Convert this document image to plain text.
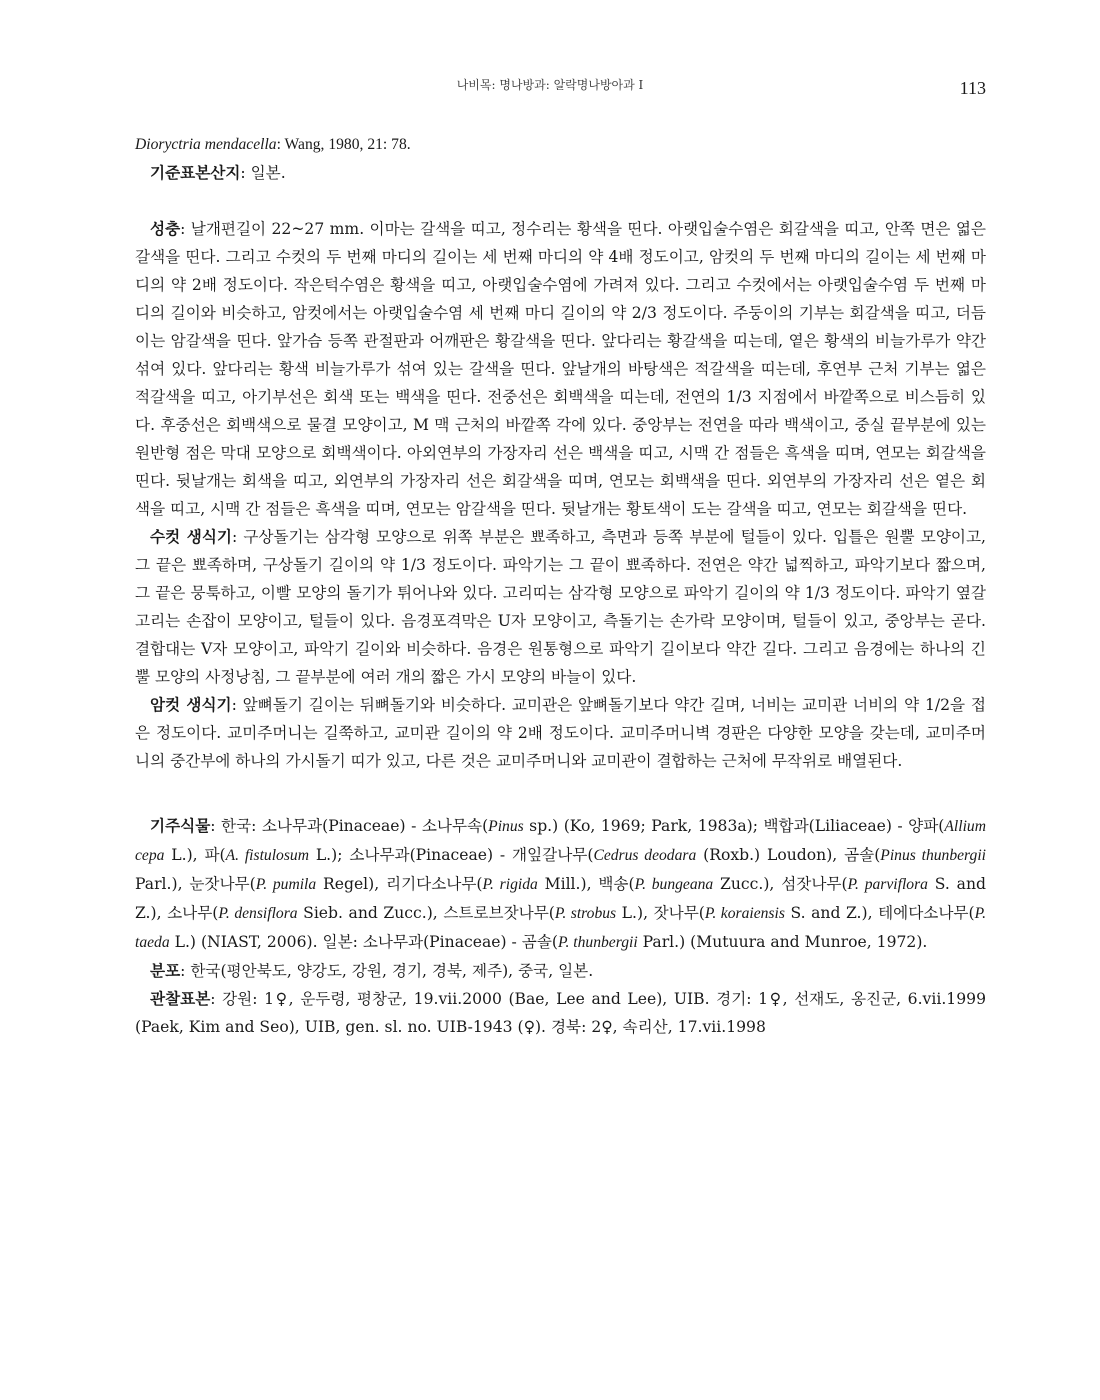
나비목: 명나방과: 알락명나방아과 I	113

Dioryctria mendacella: Wang, 1980, 21: 78.

기준표본산지: 일본.

성충: 날개편길이 22~27 mm. 이마는 갈색을 띠고, 정수리는 황색을 띤다. 아랫입술수염은 회갈색을 띠고, 안쪽 면은 엷은 갈색을 띤다. 그리고 수컷의 두 번째 마디의 길이는 세 번째 마디의 약 4배 정도이고, 암컷의 두 번째 마디의 길이는 세 번째 마디의 약 2배 정도이다. 작은턱수염은 황색을 띠고, 아랫입술수염에 가려져 있다. 그리고 수컷에서는 아랫입술수염 두 번째 마디의 길이와 비슷하고, 암컷에서는 아랫입술수염 세 번째 마디 길이의 약 2/3 정도이다. 주둥이의 기부는 회갈색을 띠고, 더듬이는 암갈색을 띤다. 앞가슴 등쪽 관절판과 어깨판은 황갈색을 띤다. 앞다리는 황갈색을 띠는데, 옅은 황색의 비늘가루가 약간 섞여 있다. 앞다리는 황색 비늘가루가 섞여 있는 갈색을 띤다. 앞날개의 바탕색은 적갈색을 띠는데, 후연부 근처 기부는 엷은 적갈색을 띠고, 아기부선은 회색 또는 백색을 띤다. 전중선은 회백색을 띠는데, 전연의 1/3 지점에서 바깥쪽으로 비스듬히 있다. 후중선은 회백색으로 물결 모양이고, M 맥 근처의 바깥쪽 각에 있다. 중앙부는 전연을 따라 백색이고, 중실 끝부분에 있는 원반형 점은 막대 모양으로 회백색이다. 아외연부의 가장자리 선은 백색을 띠고, 시맥 간 점들은 흑색을 띠며, 연모는 회갈색을 띤다. 뒷날개는 회색을 띠고, 외연부의 가장자리 선은 회갈색을 띠며, 연모는 회백색을 띤다. 외연부의 가장자리 선은 옅은 회색을 띠고, 시맥 간 점들은 흑색을 띠며, 연모는 암갈색을 띤다. 뒷날개는 황토색이 도는 갈색을 띠고, 연모는 회갈색을 띤다.

수컷 생식기: 구상돌기는 삼각형 모양으로 위쪽 부분은 뾰족하고, 측면과 등쪽 부분에 털들이 있다. 입틀은 원뿔 모양이고, 그 끝은 뾰족하며, 구상돌기 길이의 약 1/3 정도이다. 파악기는 그 끝이 뾰족하다. 전연은 약간 넓찍하고, 파악기보다 짧으며, 그 끝은 뭉툭하고, 이빨 모양의 돌기가 튀어나와 있다. 고리띠는 삼각형 모양으로 파악기 길이의 약 1/3 정도이다. 파악기 옆갈고리는 손잡이 모양이고, 털들이 있다. 음경포격막은 U자 모양이고, 측돌기는 손가락 모양이며, 털들이 있고, 중앙부는 곧다. 결합대는 V자 모양이고, 파악기 길이와 비슷하다. 음경은 원통형으로 파악기 길이보다 약간 길다. 그리고 음경에는 하나의 긴 뿔 모양의 사정낭침, 그 끝부분에 여러 개의 짧은 가시 모양의 바늘이 있다.

암컷 생식기: 앞뼈돌기 길이는 뒤뼈돌기와 비슷하다. 교미관은 앞뼈돌기보다 약간 길며, 너비는 교미관 너비의 약 1/2을 접은 정도이다. 교미주머니는 길쭉하고, 교미관 길이의 약 2배 정도이다. 교미주머니벽 경판은 다양한 모양을 갖는데, 교미주머니의 중간부에 하나의 가시돌기 띠가 있고, 다른 것은 교미주머니와 교미관이 결합하는 근처에 무작위로 배열된다.

기주식물: 한국: 소나무과(Pinaceae) - 소나무속(Pinus sp.) (Ko, 1969; Park, 1983a); 백합과(Liliaceae) - 양파(Allium cepa L.), 파(A. fistulosum L.); 소나무과(Pinaceae) - 개잎갈나무(Cedrus deodara (Roxb.) Loudon), 곰솔(Pinus thunbergii Parl.), 눈잣나무(P. pumila Regel), 리기다소나무(P. rigida Mill.), 백송(P. bungeana Zucc.), 섬잣나무(P. parviflora S. and Z.), 소나무(P. densiflora Sieb. and Zucc.), 스트로브잣나무(P. strobus L.), 잣나무(P. koraiensis S. and Z.), 테에다소나무(P. taeda L.) (NIAST, 2006). 일본: 소나무과(Pinaceae) - 곰솔(P. thunbergii Parl.) (Mutuura and Munroe, 1972).

분포: 한국(평안북도, 양강도, 강원, 경기, 경북, 제주), 중국, 일본.

관찰표본: 강원: 1♀, 운두령, 평창군, 19.vii.2000 (Bae, Lee and Lee), UIB. 경기: 1♀, 선재도, 옹진군, 6.vii.1999 (Paek, Kim and Seo), UIB, gen. sl. no. UIB-1943 (♀). 경북: 2♀, 속리산, 17.vii.1998
